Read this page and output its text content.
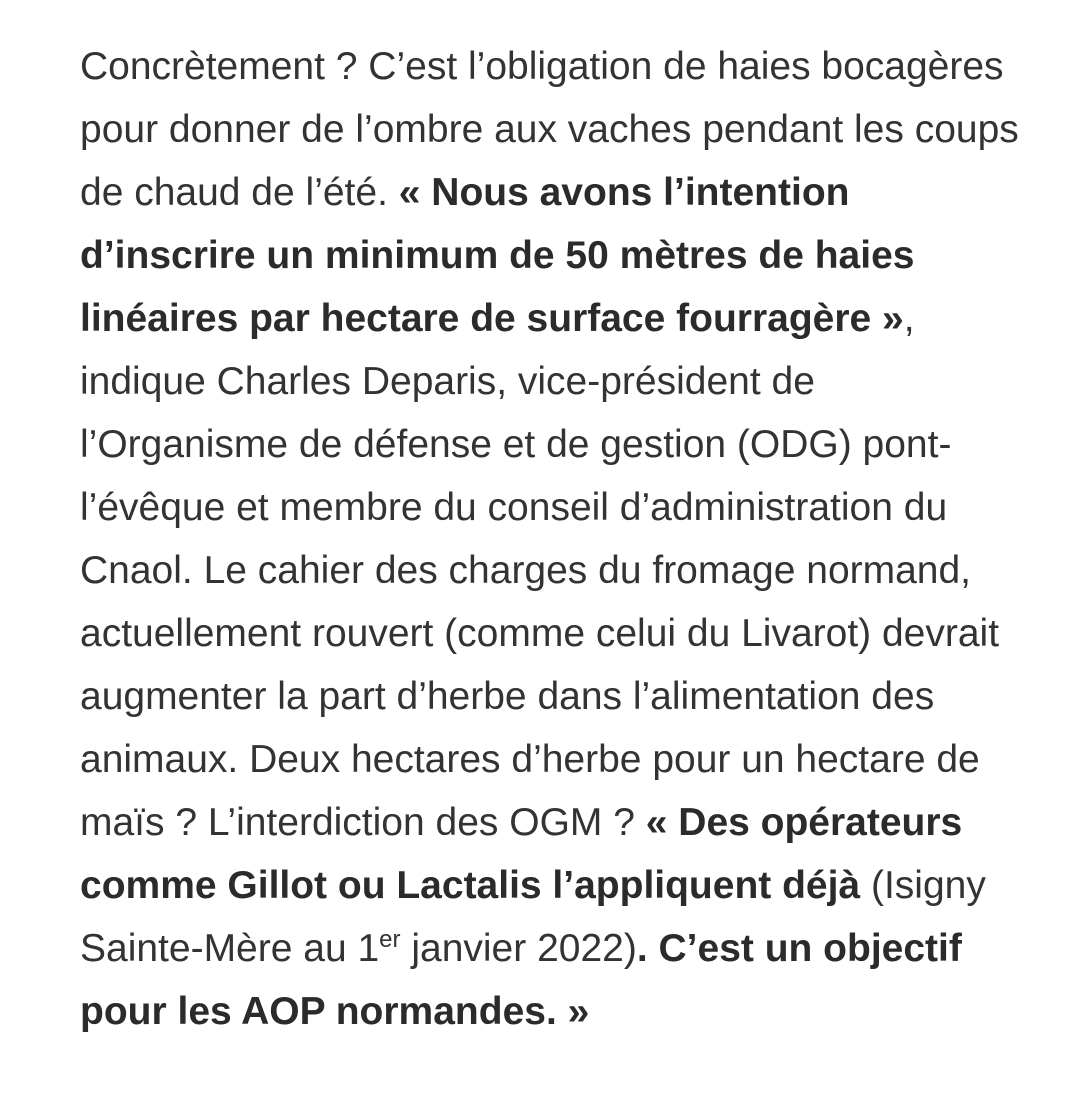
Concrètement ? C’est l’obligation de haies bocagères pour donner de l’ombre aux vaches pendant les coups de chaud de l’été. « Nous avons l’intention d’inscrire un minimum de 50 mètres de haies linéaires par hectare de surface fourragère », indique Charles Deparis, vice-président de l’Organisme de défense et de gestion (ODG) pont-l’évêque et membre du conseil d’administration du Cnaol. Le cahier des charges du fromage normand, actuellement rouvert (comme celui du Livarot) devrait augmenter la part d’herbe dans l’alimentation des animaux. Deux hectares d’herbe pour un hectare de maïs ? L’interdiction des OGM ? « Des opérateurs comme Gillot ou Lactalis l’appliquent déjà (Isigny Sainte-Mère au 1er janvier 2022). C’est un objectif pour les AOP normandes. »
